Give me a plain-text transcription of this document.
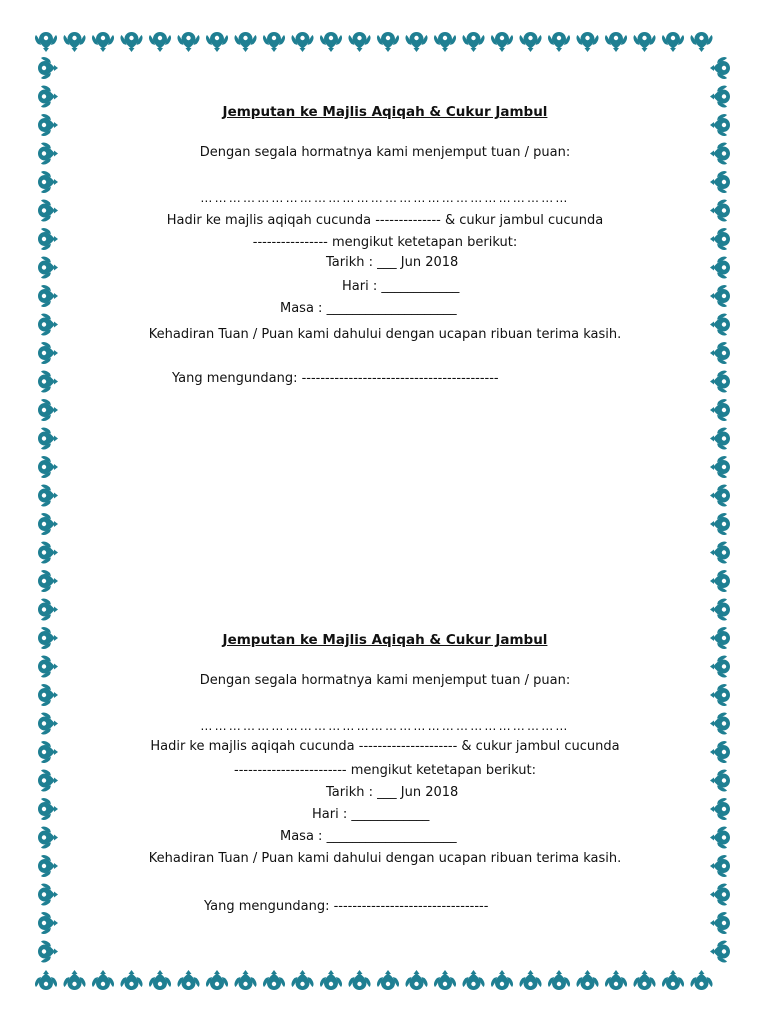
Jemputan ke Majlis Aqiqah & Cukur Jambul
Dengan segala hormatnya kami menjemput tuan / puan:
……………………………………………………………………
Hadir ke majlis aqiqah cucunda -------------- & cukur jambul cucunda
---------------- mengikut ketetapan berikut:
Tarikh : ___ Jun 2018
Hari : ____________
Masa : ____________________
Kehadiran Tuan / Puan kami dahului dengan ucapan ribuan terima kasih.
Yang mengundang: ------------------------------------------
Jemputan ke Majlis Aqiqah & Cukur Jambul
Dengan segala hormatnya kami menjemput tuan / puan:
……………………………………………………………………
Hadir ke majlis aqiqah cucunda --------------------- & cukur jambul cucunda
------------------------ mengikut ketetapan berikut:
Tarikh : ___ Jun 2018
Hari : ____________
Masa : ____________________
Kehadiran Tuan / Puan kami dahului dengan ucapan ribuan terima kasih.
Yang mengundang: ---------------------------------
